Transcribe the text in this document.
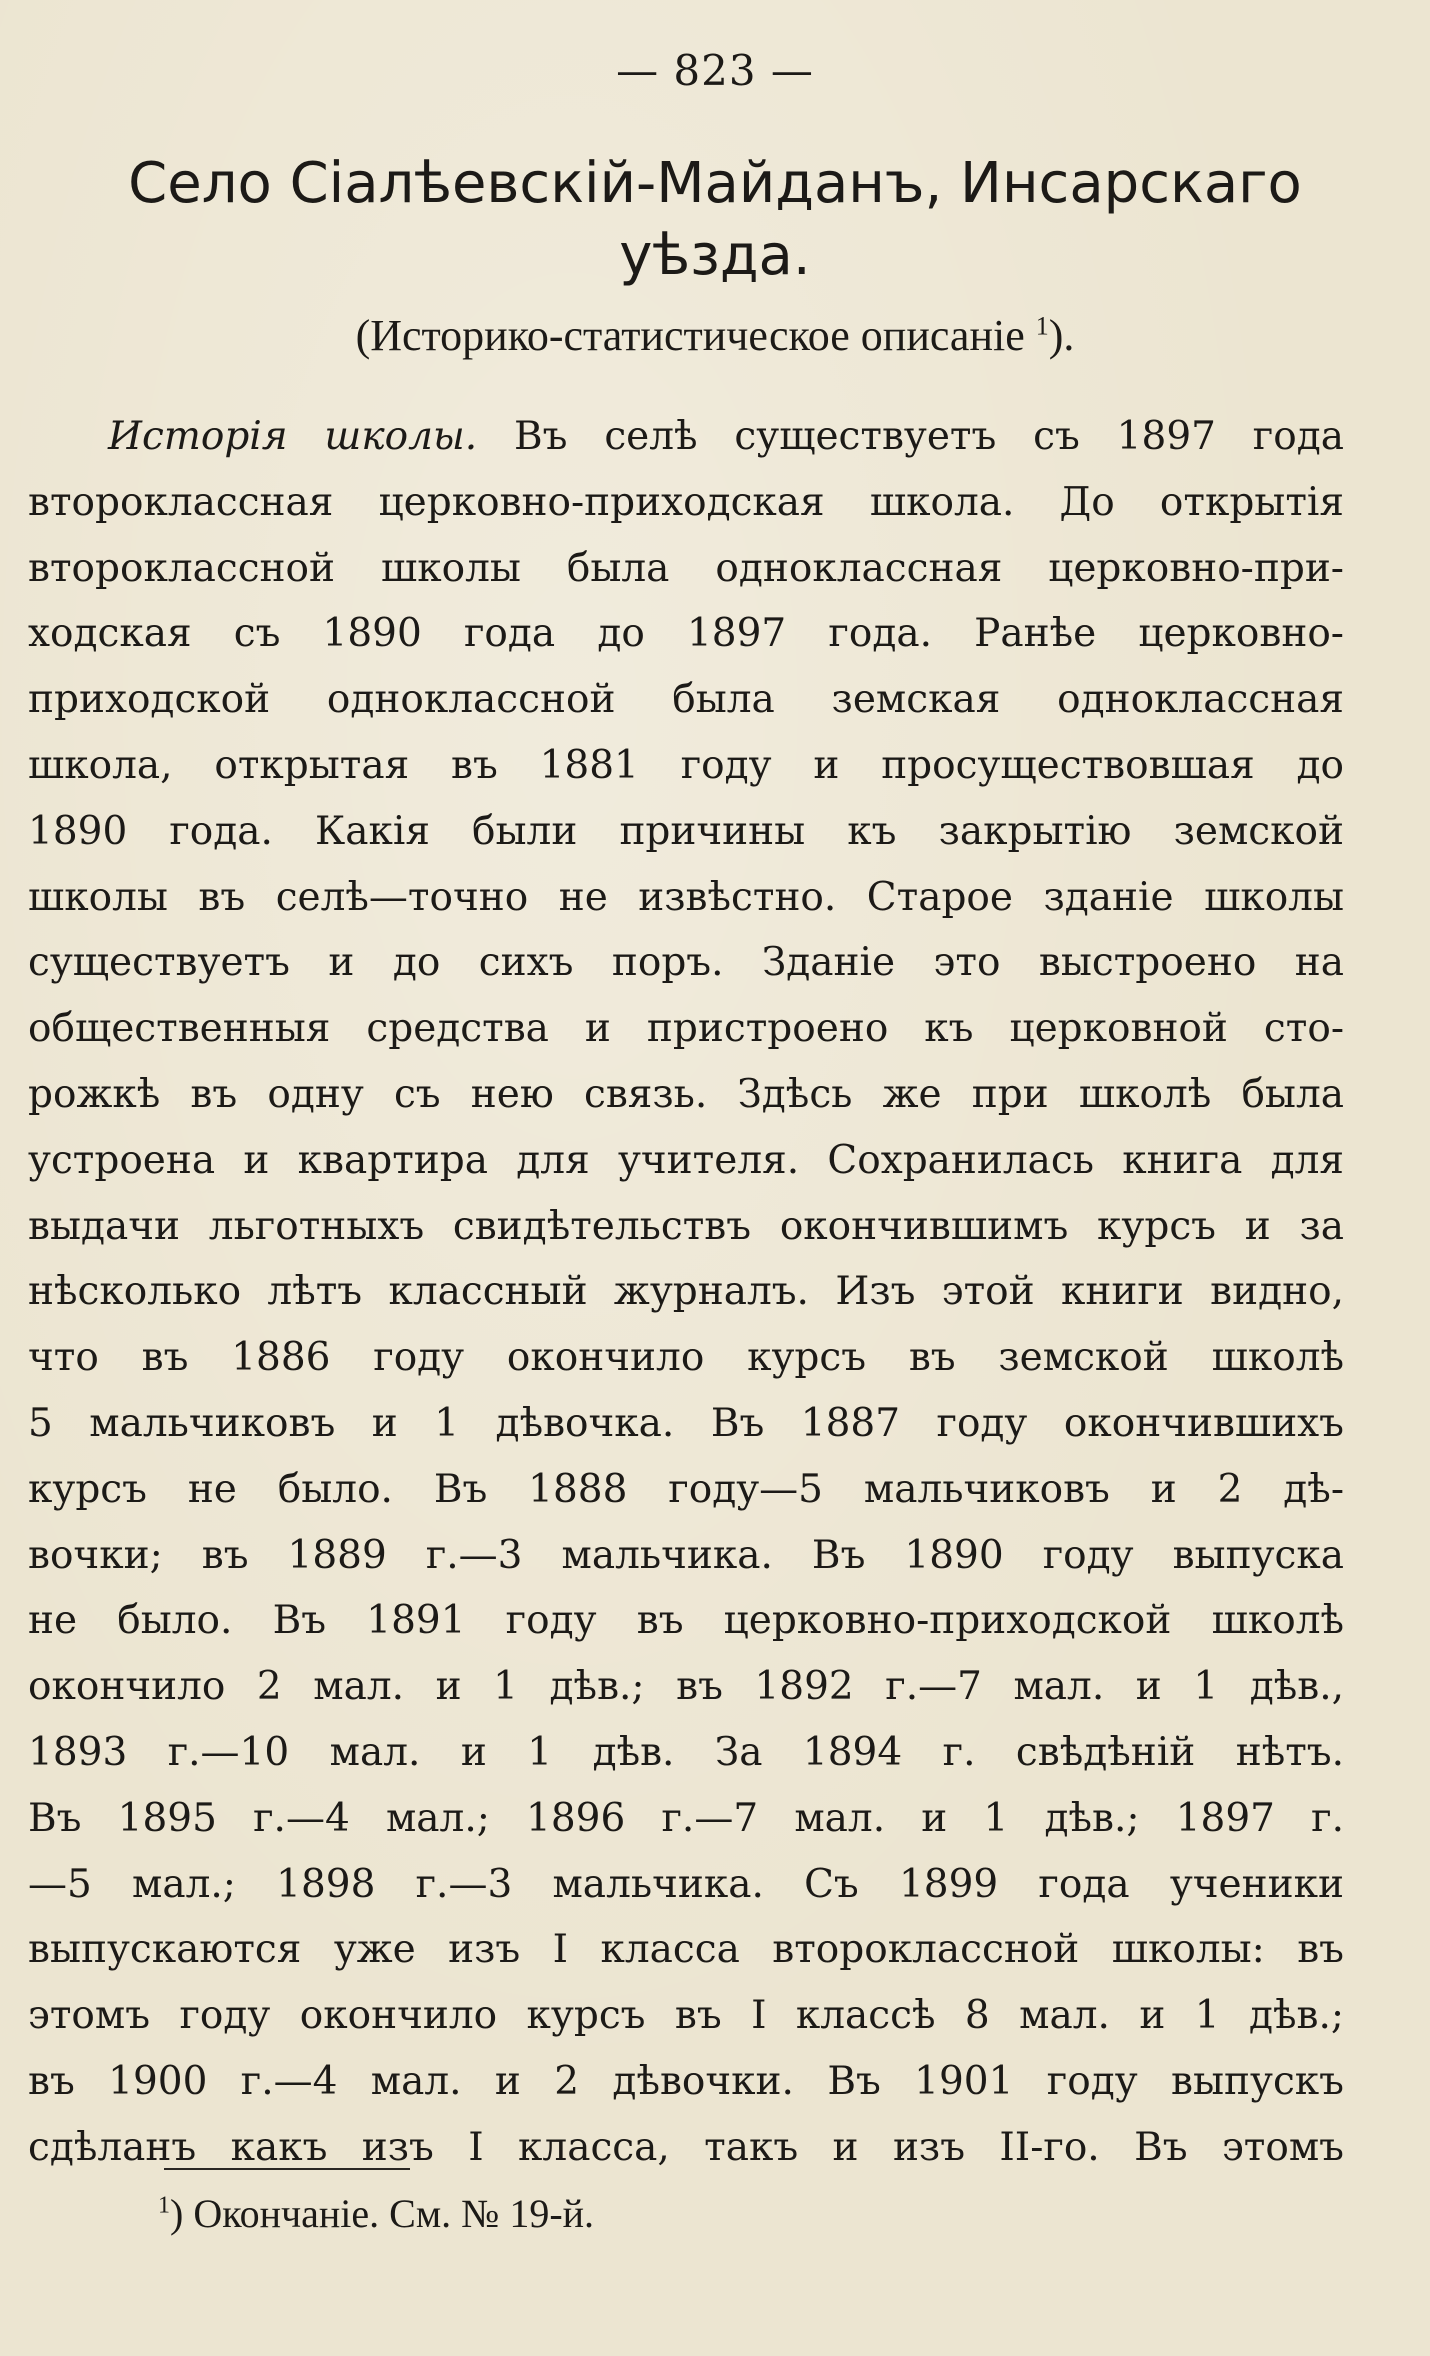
— 823 —
Село Сіалѣевскій-Майданъ, Инсарскаго уѣзда.
(Историко-статистическое описаніе $^1$).
Исторія школы. Въ селѣ существуетъ съ 1897 года
второклассная церковно-приходская школа. До открытія
второклассной школы была одноклассная церковно-при-
ходская съ 1890 года до 1897 года. Ранѣе церковно-
приходской одноклассной была земская одноклассная
школа, открытая въ 1881 году и просуществовшая до
1890 года. Какія были причины къ закрытію земской
школы въ селѣ—точно не извѣстно. Старое зданіе школы
существуетъ и до сихъ поръ. Зданіе это выстроено на
общественныя средства и пристроено къ церковной сто-
рожкѣ въ одну съ нею связь. Здѣсь же при школѣ была
устроена и квартира для учителя. Сохранилась книга для
выдачи льготныхъ свидѣтельствъ окончившимъ курсъ и за
нѣсколько лѣтъ классный журналъ. Изъ этой книги видно,
что въ 1886 году окончило курсъ въ земской школѣ
5 мальчиковъ и 1 дѣвочка. Въ 1887 году окончившихъ
курсъ не было. Въ 1888 году—5 мальчиковъ и 2 дѣ-
вочки; въ 1889 г.—3 мальчика. Въ 1890 году выпуска
не было. Въ 1891 году въ церковно-приходской школѣ
окончило 2 мал. и 1 дѣв.; въ 1892 г.—7 мал. и 1 дѣв.,
1893 г.—10 мал. и 1 дѣв. За 1894 г. свѣдѣній нѣтъ.
Въ 1895 г.—4 мал.; 1896 г.—7 мал. и 1 дѣв.; 1897 г.
—5 мал.; 1898 г.—3 мальчика. Съ 1899 года ученики
выпускаются уже изъ I класса второклассной школы: въ
этомъ году окончило курсъ въ I классѣ 8 мал. и 1 дѣв.;
въ 1900 г.—4 мал. и 2 дѣвочки. Въ 1901 году выпускъ
сдѣланъ какъ изъ I класса, такъ и изъ II-го. Въ этомъ
$^1$) Окончаніе. См. № 19-й.
